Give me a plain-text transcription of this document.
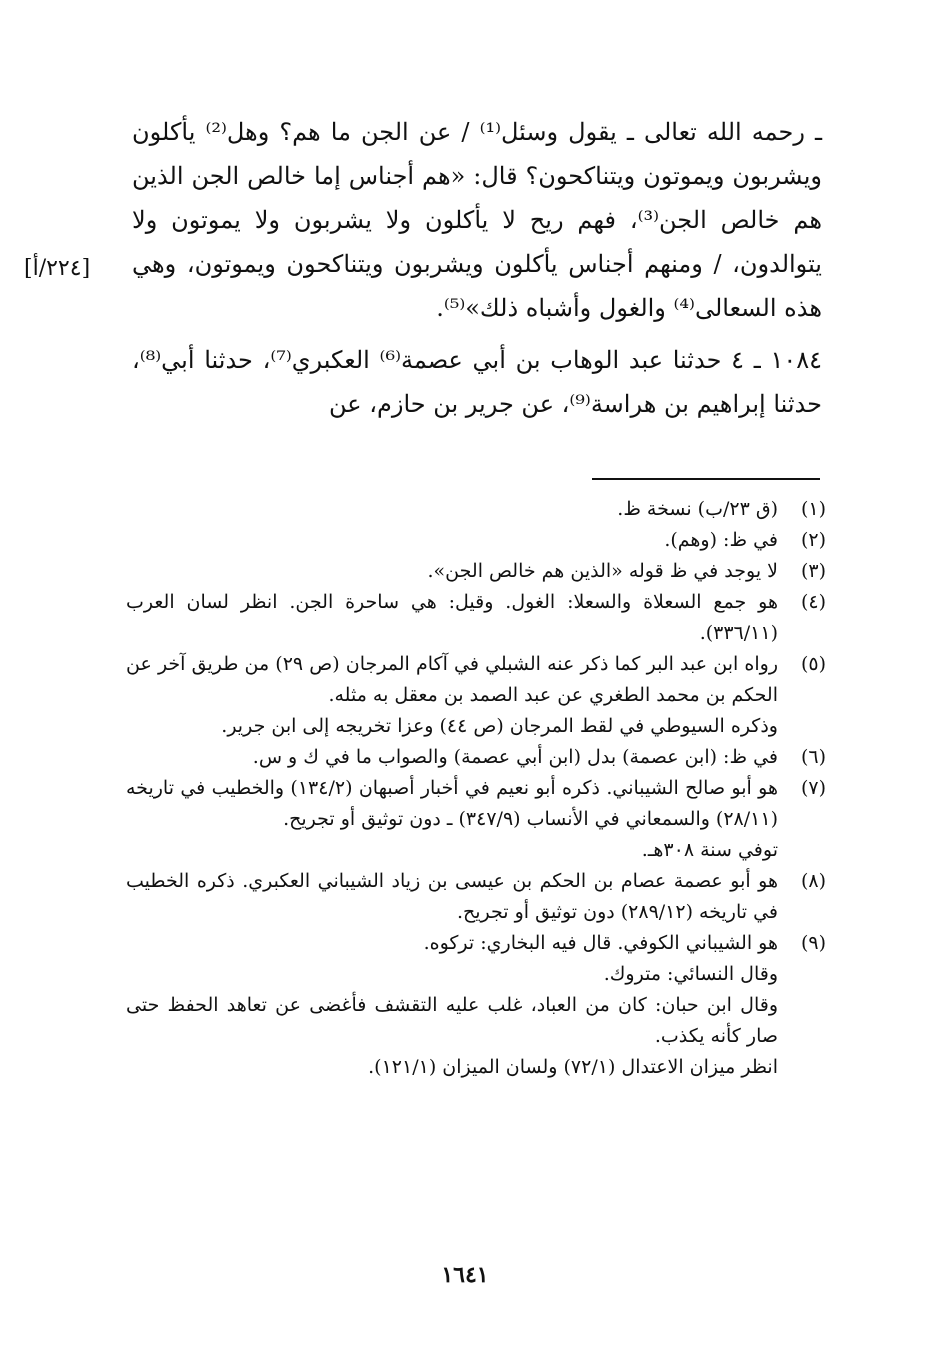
ـ رحمه الله تعالى ـ يقول وسئل⁽¹⁾ / عن الجن ما هم؟ وهل⁽²⁾ يأكلون ويشربون ويموتون ويتناكحون؟ قال: «هم أجناس إما خالص الجن الذين هم خالص الجن⁽³⁾، فهم ريح لا يأكلون ولا يشربون ولا يموتون ولا يتوالدون، / ومنهم أجناس يأكلون ويشربون ويتناكحون ويموتون، وهي هذه السعالى⁽⁴⁾ والغول وأشباه ذلك»⁽⁵⁾.

١٠٨٤ ـ ٤ حدثنا عبد الوهاب بن أبي عصمة⁽⁶⁾ العكبري⁽⁷⁾، حدثنا أبي⁽⁸⁾، حدثنا إبراهيم بن هراسة⁽⁹⁾، عن جرير بن حازم، عن

[٢٢٤/أ]
(١)
(ق ٢٣/ب) نسخة ظ.
(٢)
في ظ: (وهم).
(٣)
لا يوجد في ظ قوله «الذين هم خالص الجن».
(٤)
هو جمع السعلاة والسعلا: الغول. وقيل: هي ساحرة الجن. انظر لسان العرب (٣٣٦/١١).
(٥)
رواه ابن عبد البر كما ذكر عنه الشبلي في آكام المرجان (ص ٢٩) من طريق آخر عن الحكم بن محمد الطغري عن عبد الصمد بن معقل به مثله.
وذكره السيوطي في لقط المرجان (ص ٤٤) وعزا تخريجه إلى ابن جرير.
(٦)
في ظ: (ابن عصمة) بدل (ابن أبي عصمة) والصواب ما في ك و س.
(٧)
هو أبو صالح الشيباني. ذكره أبو نعيم في أخبار أصبهان (١٣٤/٢) والخطيب في تاريخه (٢٨/١١) والسمعاني في الأنساب (٣٤٧/٩) ـ دون توثيق أو تجريح.
توفي سنة ٣٠٨هـ.
(٨)
هو أبو عصمة عصام بن الحكم بن عيسى بن زياد الشيباني العكبري. ذكره الخطيب في تاريخه (٢٨٩/١٢) دون توثيق أو تجريح.
(٩)
هو الشيباني الكوفي. قال فيه البخاري: تركوه.
وقال النسائي: متروك.
وقال ابن حبان: كان من العباد، غلب عليه التقشف فأغضى عن تعاهد الحفظ حتى صار كأنه يكذب.
انظر ميزان الاعتدال (٧٢/١) ولسان الميزان (١٢١/١).
١٦٤١
